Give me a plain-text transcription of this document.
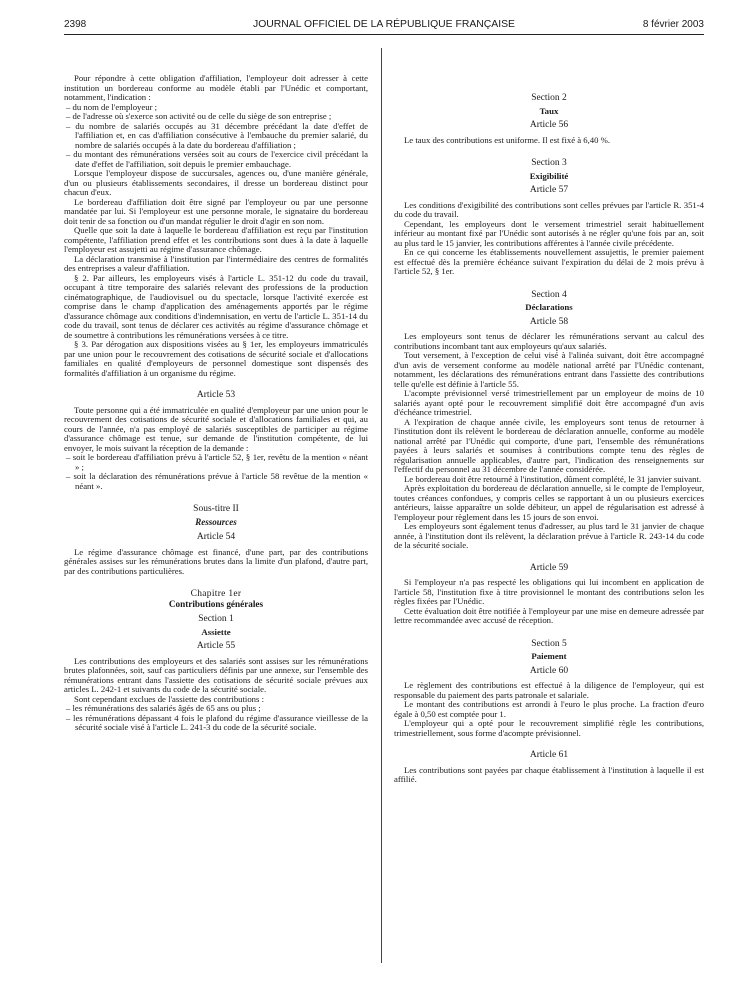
2398	JOURNAL OFFICIEL DE LA RÉPUBLIQUE FRANÇAISE	8 février 2003

Pour répondre à cette obligation d'affiliation, l'employeur doit adresser à cette institution un bordereau conforme au modèle établi par l'Unédic et comportant, notamment, l'indication :

– du nom de l'employeur ;
– de l'adresse où s'exerce son activité ou de celle du siège de son entreprise ;
– du nombre de salariés occupés au 31 décembre précédant la date d'effet de l'affiliation et, en cas d'affiliation consécutive à l'embauche du premier salarié, du nombre de salariés occupés à la date du bordereau d'affiliation ;
– du montant des rémunérations versées soit au cours de l'exercice civil précédant la date d'effet de l'affiliation, soit depuis le premier embauchage.

Lorsque l'employeur dispose de succursales, agences ou, d'une manière générale, d'un ou plusieurs établissements secondaires, il dresse un bordereau distinct pour chacun d'eux.

Le bordereau d'affiliation doit être signé par l'employeur ou par une personne mandatée par lui. Si l'employeur est une personne morale, le signataire du bordereau doit tenir de sa fonction ou d'un mandat régulier le droit d'agir en son nom.

Quelle que soit la date à laquelle le bordereau d'affiliation est reçu par l'institution compétente, l'affiliation prend effet et les contributions sont dues à la date à laquelle l'employeur est assujetti au régime d'assurance chômage.

La déclaration transmise à l'institution par l'intermédiaire des centres de formalités des entreprises a valeur d'affiliation.

§ 2. Par ailleurs, les employeurs visés à l'article L. 351-12 du code du travail, occupant à titre temporaire des salariés relevant des professions de la production cinématographique, de l'audiovisuel ou du spectacle, lorsque l'activité exercée est comprise dans le champ d'application des aménagements apportés par le régime d'assurance chômage aux conditions d'indemnisation, en vertu de l'article L. 351-14 du code du travail, sont tenus de déclarer ces activités au régime d'assurance chômage et de soumettre à contributions les rémunérations versées à ce titre.

§ 3. Par dérogation aux dispositions visées au § 1er, les employeurs immatriculés par une union pour le recouvrement des cotisations de sécurité sociale et d'allocations familiales en qualité d'employeurs de personnel domestique sont dispensés des formalités d'affiliation à un organisme du régime.

Article 53

Toute personne qui a été immatriculée en qualité d'employeur par une union pour le recouvrement des cotisations de sécurité sociale et d'allocations familiales et qui, au cours de l'année, n'a pas employé de salariés susceptibles de participer au régime d'assurance chômage est tenue, sur demande de l'institution compétente, de lui envoyer, le mois suivant la réception de la demande :

– soit le bordereau d'affiliation prévu à l'article 52, § 1er, revêtu de la mention « néant » ;
– soit la déclaration des rémunérations prévue à l'article 58 revêtue de la mention « néant ».

Sous-titre II

Ressources

Article 54

Le régime d'assurance chômage est financé, d'une part, par des contributions générales assises sur les rémunérations brutes dans la limite d'un plafond, d'autre part, par des contributions particulières.

Chapitre 1er

Contributions générales

Section 1

Assiette

Article 55

Les contributions des employeurs et des salariés sont assises sur les rémunérations brutes plafonnées, soit, sauf cas particuliers définis par une annexe, sur l'ensemble des rémunérations entrant dans l'assiette des cotisations de sécurité sociale prévues aux articles L. 242-1 et suivants du code de la sécurité sociale.

Sont cependant exclues de l'assiette des contributions :

– les rémunérations des salariés âgés de 65 ans ou plus ;
– les rémunérations dépassant 4 fois le plafond du régime d'assurance vieillesse de la sécurité sociale visé à l'article L. 241-3 du code de la sécurité sociale.

Section 2

Taux

Article 56

Le taux des contributions est uniforme. Il est fixé à 6,40 %.

Section 3

Exigibilité

Article 57

Les conditions d'exigibilité des contributions sont celles prévues par l'article R. 351-4 du code du travail.

Cependant, les employeurs dont le versement trimestriel serait habituellement inférieur au montant fixé par l'Unédic sont autorisés à ne régler qu'une fois par an, soit au plus tard le 15 janvier, les contributions afférentes à l'année civile précédente.

En ce qui concerne les établissements nouvellement assujettis, le premier paiement est effectué dès la première échéance suivant l'expiration du délai de 2 mois prévu à l'article 52, § 1er.

Section 4

Déclarations

Article 58

Les employeurs sont tenus de déclarer les rémunérations servant au calcul des contributions incombant tant aux employeurs qu'aux salariés.

Tout versement, à l'exception de celui visé à l'alinéa suivant, doit être accompagné d'un avis de versement conforme au modèle national arrêté par l'Unédic contenant, notamment, les déclarations des rémunérations entrant dans l'assiette des contributions telle qu'elle est définie à l'article 55.

L'acompte prévisionnel versé trimestriellement par un employeur de moins de 10 salariés ayant opté pour le recouvrement simplifié doit être accompagné d'un avis d'échéance trimestriel.

A l'expiration de chaque année civile, les employeurs sont tenus de retourner à l'institution dont ils relèvent le bordereau de déclaration annuelle, conforme au modèle national arrêté par l'Unédic qui comporte, d'une part, l'ensemble des rémunérations payées à leurs salariés et soumises à contributions compte tenu des règles de régularisation annuelle applicables, d'autre part, l'indication des renseignements sur l'effectif du personnel au 31 décembre de l'année considérée.

Le bordereau doit être retourné à l'institution, dûment complété, le 31 janvier suivant.

Après exploitation du bordereau de déclaration annuelle, si le compte de l'employeur, toutes créances confondues, y compris celles se rapportant à un ou plusieurs exercices antérieurs, laisse apparaître un solde débiteur, un appel de régularisation est adressé à l'employeur pour règlement dans les 15 jours de son envoi.

Les employeurs sont également tenus d'adresser, au plus tard le 31 janvier de chaque année, à l'institution dont ils relèvent, la déclaration prévue à l'article R. 243-14 du code de la sécurité sociale.

Article 59

Si l'employeur n'a pas respecté les obligations qui lui incombent en application de l'article 58, l'institution fixe à titre provisionnel le montant des contributions selon les règles fixées par l'Unédic.

Cette évaluation doit être notifiée à l'employeur par une mise en demeure adressée par lettre recommandée avec accusé de réception.

Section 5

Paiement

Article 60

Le règlement des contributions est effectué à la diligence de l'employeur, qui est responsable du paiement des parts patronale et salariale.

Le montant des contributions est arrondi à l'euro le plus proche. La fraction d'euro égale à 0,50 est comptée pour 1.

L'employeur qui a opté pour le recouvrement simplifié règle les contributions, trimestriellement, sous forme d'acompte prévisionnel.

Article 61

Les contributions sont payées par chaque établissement à l'institution à laquelle il est affilié.
